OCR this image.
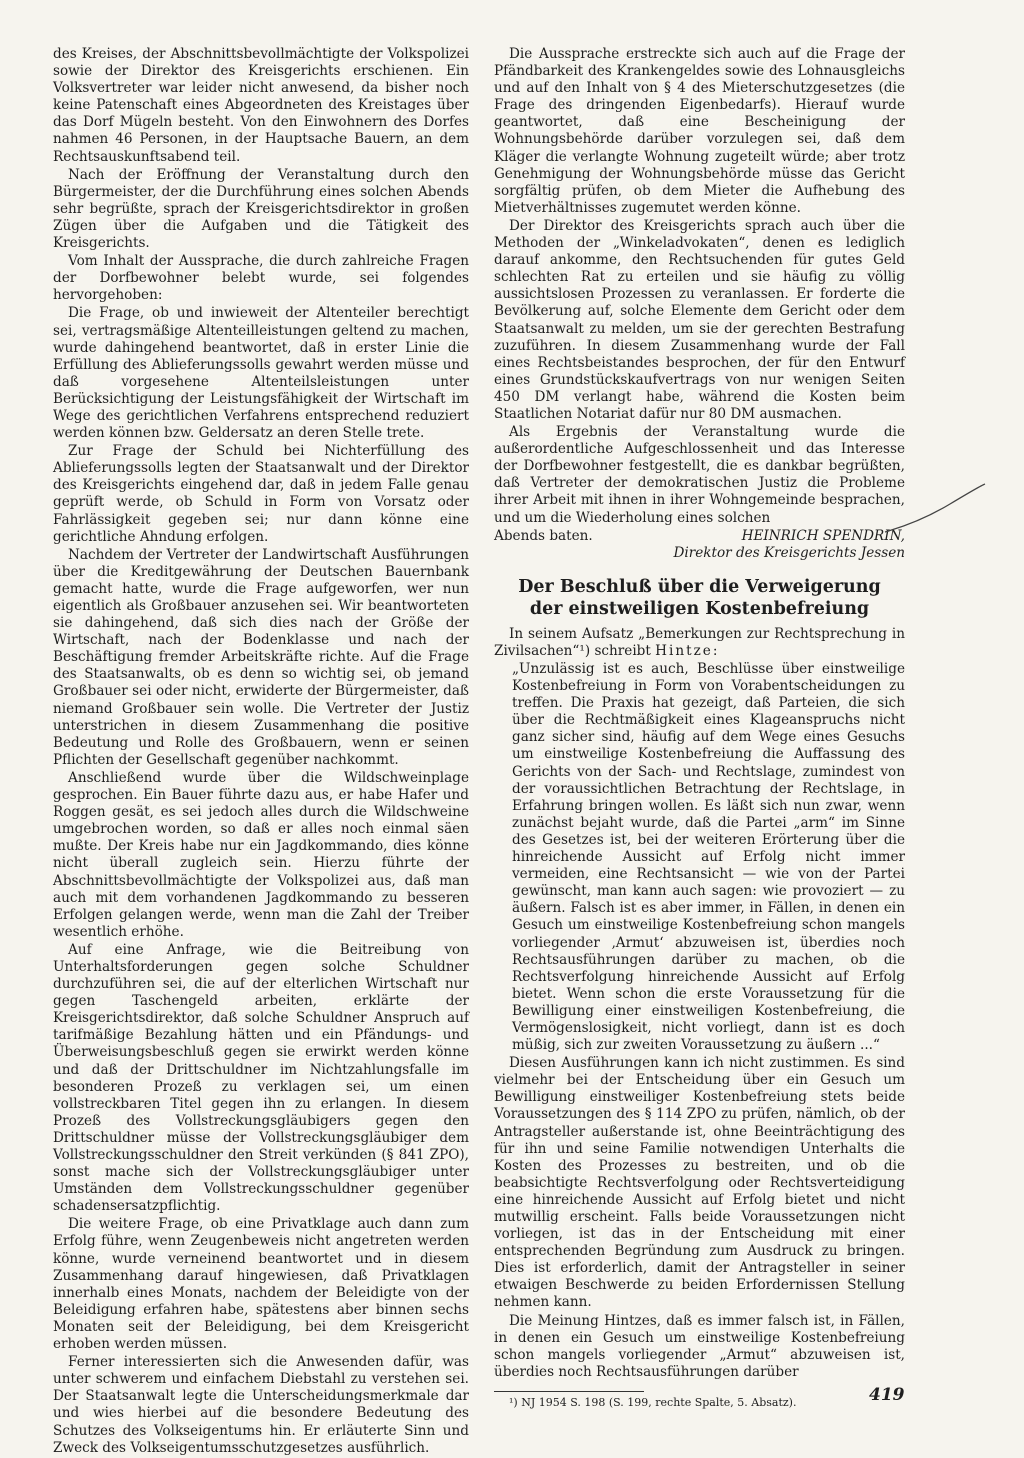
des Kreises, der Abschnittsbevollmächtigte der Volkspolizei sowie der Direktor des Kreisgerichts erschienen. Ein Volksvertreter war leider nicht anwesend, da bisher noch keine Patenschaft eines Abgeordneten des Kreistages über das Dorf Mügeln besteht. Von den Einwohnern des Dorfes nahmen 46 Personen, in der Hauptsache Bauern, an dem Rechtsauskunftsabend teil.

Nach der Eröffnung der Veranstaltung durch den Bürgermeister, der die Durchführung eines solchen Abends sehr begrüßte, sprach der Kreisgerichtsdirektor in großen Zügen über die Aufgaben und die Tätigkeit des Kreisgerichts.

Vom Inhalt der Aussprache, die durch zahlreiche Fragen der Dorfbewohner belebt wurde, sei folgendes hervorgehoben:

Die Frage, ob und inwieweit der Altenteiler berechtigt sei, vertragsmäßige Altenteilleistungen geltend zu machen, wurde dahingehend beantwortet, daß in erster Linie die Erfüllung des Ablieferungssolls gewahrt werden müsse und daß vorgesehene Altenteilsleistungen unter Berücksichtigung der Leistungsfähigkeit der Wirtschaft im Wege des gerichtlichen Verfahrens entsprechend reduziert werden können bzw. Geldersatz an deren Stelle trete.

Zur Frage der Schuld bei Nichterfüllung des Ablieferungssolls legten der Staatsanwalt und der Direktor des Kreisgerichts eingehend dar, daß in jedem Falle genau geprüft werde, ob Schuld in Form von Vorsatz oder Fahrlässigkeit gegeben sei; nur dann könne eine gerichtliche Ahndung erfolgen.

Nachdem der Vertreter der Landwirtschaft Ausführungen über die Kreditgewährung der Deutschen Bauernbank gemacht hatte, wurde die Frage aufgeworfen, wer nun eigentlich als Großbauer anzusehen sei. Wir beantworteten sie dahingehend, daß sich dies nach der Größe der Wirtschaft, nach der Bodenklasse und nach der Beschäftigung fremder Arbeitskräfte richte. Auf die Frage des Staatsanwalts, ob es denn so wichtig sei, ob jemand Großbauer sei oder nicht, erwiderte der Bürgermeister, daß niemand Großbauer sein wolle. Die Vertreter der Justiz unterstrichen in diesem Zusammenhang die positive Bedeutung und Rolle des Großbauern, wenn er seinen Pflichten der Gesellschaft gegenüber nachkommt.

Anschließend wurde über die Wildschweinplage gesprochen. Ein Bauer führte dazu aus, er habe Hafer und Roggen gesät, es sei jedoch alles durch die Wildschweine umgebrochen worden, so daß er alles noch einmal säen mußte. Der Kreis habe nur ein Jagdkommando, dies könne nicht überall zugleich sein. Hierzu führte der Abschnittsbevollmächtigte der Volkspolizei aus, daß man auch mit dem vorhandenen Jagdkommando zu besseren Erfolgen gelangen werde, wenn man die Zahl der Treiber wesentlich erhöhe.

Auf eine Anfrage, wie die Beitreibung von Unterhaltsforderungen gegen solche Schuldner durchzuführen sei, die auf der elterlichen Wirtschaft nur gegen Taschengeld arbeiten, erklärte der Kreisgerichtsdirektor, daß solche Schuldner Anspruch auf tarifmäßige Bezahlung hätten und ein Pfändungs- und Überweisungsbeschluß gegen sie erwirkt werden könne und daß der Drittschuldner im Nichtzahlungsfalle im besonderen Prozeß zu verklagen sei, um einen vollstreckbaren Titel gegen ihn zu erlangen. In diesem Prozeß des Vollstreckungsgläubigers gegen den Drittschuldner müsse der Vollstreckungsgläubiger dem Vollstreckungsschuldner den Streit verkünden (§ 841 ZPO), sonst mache sich der Vollstreckungsgläubiger unter Umständen dem Vollstreckungsschuldner gegenüber schadensersatzpflichtig.

Die weitere Frage, ob eine Privatklage auch dann zum Erfolg führe, wenn Zeugenbeweis nicht angetreten werden könne, wurde verneinend beantwortet und in diesem Zusammenhang darauf hingewiesen, daß Privatklagen innerhalb eines Monats, nachdem der Beleidigte von der Beleidigung erfahren habe, spätestens aber binnen sechs Monaten seit der Beleidigung, bei dem Kreisgericht erhoben werden müssen.

Ferner interessierten sich die Anwesenden dafür, was unter schwerem und einfachem Diebstahl zu verstehen sei. Der Staatsanwalt legte die Unterscheidungsmerkmale dar und wies hierbei auf die besondere Bedeutung des Schutzes des Volkseigentums hin. Er erläuterte Sinn und Zweck des Volkseigentumsschutzgesetzes ausführlich.

Die Aussprache erstreckte sich auch auf die Frage der Pfändbarkeit des Krankengeldes sowie des Lohnausgleichs und auf den Inhalt von § 4 des Mieterschutzgesetzes (die Frage des dringenden Eigenbedarfs). Hierauf wurde geantwortet, daß eine Bescheinigung der Wohnungsbehörde darüber vorzulegen sei, daß dem Kläger die verlangte Wohnung zugeteilt würde; aber trotz Genehmigung der Wohnungsbehörde müsse das Gericht sorgfältig prüfen, ob dem Mieter die Aufhebung des Mietverhältnisses zugemutet werden könne.

Der Direktor des Kreisgerichts sprach auch über die Methoden der „Winkeladvokaten“, denen es lediglich darauf ankomme, den Rechtsuchenden für gutes Geld schlechten Rat zu erteilen und sie häufig zu völlig aussichtslosen Prozessen zu veranlassen. Er forderte die Bevölkerung auf, solche Elemente dem Gericht oder dem Staatsanwalt zu melden, um sie der gerechten Bestrafung zuzuführen. In diesem Zusammenhang wurde der Fall eines Rechtsbeistandes besprochen, der für den Entwurf eines Grundstückskaufvertrags von nur wenigen Seiten 450 DM verlangt habe, während die Kosten beim Staatlichen Notariat dafür nur 80 DM ausmachen.

Als Ergebnis der Veranstaltung wurde die außerordentliche Aufgeschlossenheit und das Interesse der Dorfbewohner festgestellt, die es dankbar begrüßten, daß Vertreter der demokratischen Justiz die Probleme ihrer Arbeit mit ihnen in ihrer Wohngemeinde besprachen, und um die Wiederholung eines solchen

Abends baten.	HEINRICH SPENDRIN,

Direktor des Kreisgerichts Jessen

Der Beschluß über die Verweigerung
der einstweiligen Kostenbefreiung

In seinem Aufsatz „Bemerkungen zur Rechtsprechung in Zivilsachen“¹) schreibt Hintze:

„Unzulässig ist es auch, Beschlüsse über einstweilige Kostenbefreiung in Form von Vorabentscheidungen zu treffen. Die Praxis hat gezeigt, daß Parteien, die sich über die Rechtmäßigkeit eines Klageanspruchs nicht ganz sicher sind, häufig auf dem Wege eines Gesuchs um einstweilige Kostenbefreiung die Auffassung des Gerichts von der Sach- und Rechtslage, zumindest von der voraussichtlichen Betrachtung der Rechtslage, in Erfahrung bringen wollen. Es läßt sich nun zwar, wenn zunächst bejaht wurde, daß die Partei „arm“ im Sinne des Gesetzes ist, bei der weiteren Erörterung über die hinreichende Aussicht auf Erfolg nicht immer vermeiden, eine Rechtsansicht — wie von der Partei gewünscht, man kann auch sagen: wie provoziert — zu äußern. Falsch ist es aber immer, in Fällen, in denen ein Gesuch um einstweilige Kostenbefreiung schon mangels vorliegender ‚Armut‘ abzuweisen ist, überdies noch Rechtsausführungen darüber zu machen, ob die Rechtsverfolgung hinreichende Aussicht auf Erfolg bietet. Wenn schon die erste Voraussetzung für die Bewilligung einer einstweiligen Kostenbefreiung, die Vermögenslosigkeit, nicht vorliegt, dann ist es doch müßig, sich zur zweiten Voraussetzung zu äußern ...“

Diesen Ausführungen kann ich nicht zustimmen. Es sind vielmehr bei der Entscheidung über ein Gesuch um Bewilligung einstweiliger Kostenbefreiung stets beide Voraussetzungen des § 114 ZPO zu prüfen, nämlich, ob der Antragsteller außerstande ist, ohne Beeinträchtigung des für ihn und seine Familie notwendigen Unterhalts die Kosten des Prozesses zu bestreiten, und ob die beabsichtigte Rechtsverfolgung oder Rechtsverteidigung eine hinreichende Aussicht auf Erfolg bietet und nicht mutwillig erscheint. Falls beide Voraussetzungen nicht vorliegen, ist das in der Entscheidung mit einer entsprechenden Begründung zum Ausdruck zu bringen. Dies ist erforderlich, damit der Antragsteller in seiner etwaigen Beschwerde zu beiden Erfordernissen Stellung nehmen kann.

Die Meinung Hintzes, daß es immer falsch ist, in Fällen, in denen ein Gesuch um einstweilige Kostenbefreiung schon mangels vorliegender „Armut“ abzuweisen ist, überdies noch Rechtsausführungen darüber

¹) NJ 1954 S. 198 (S. 199, rechte Spalte, 5. Absatz).	419
